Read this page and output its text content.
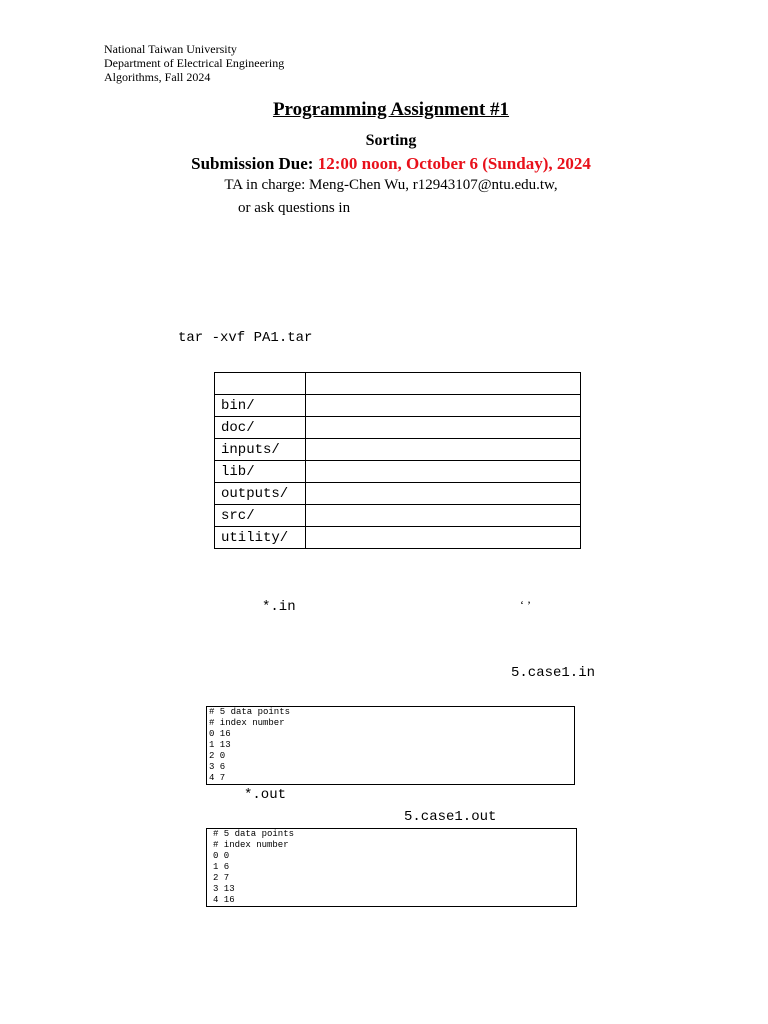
National Taiwan University
Department of Electrical Engineering
Algorithms, Fall 2024
Programming Assignment #1
Sorting
Submission Due: 12:00 noon, October 6 (Sunday), 2024
TA in charge: Meng-Chen Wu, r12943107@ntu.edu.tw,
or ask questions in
tar -xvf PA1.tar

bin/	
doc/	
inputs/	
lib/	
outputs/	
src/	
utility/	
*.in	‘ ’
5.case1.in
# 5 data points
# index number
0 16
1 13
2 0
3 6
4 7
*.out
5.case1.out
# 5 data points
# index number
0 0
1 6
2 7
3 13
4 16
